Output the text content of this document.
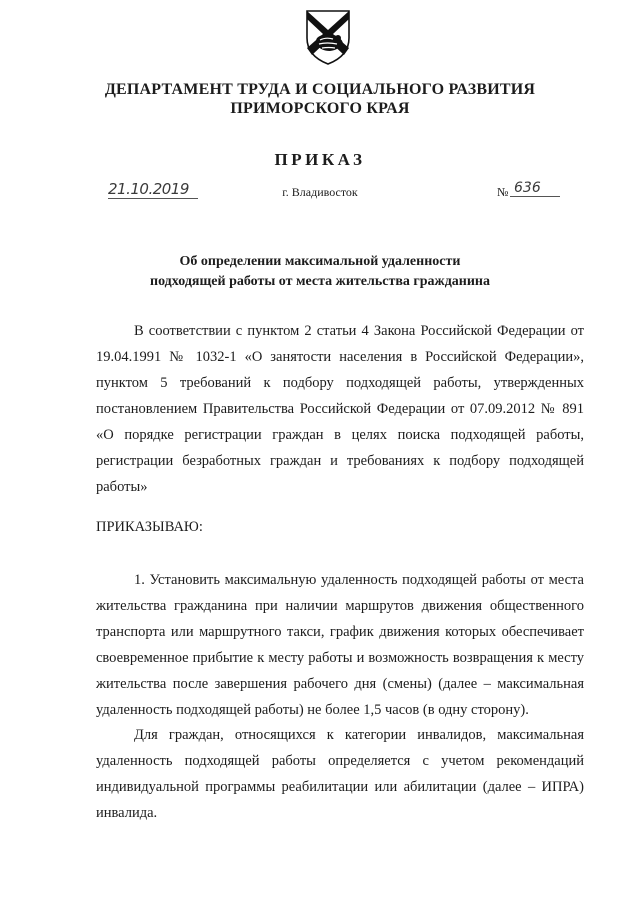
ДЕПАРТАМЕНТ ТРУДА И СОЦИАЛЬНОГО РАЗВИТИЯ
ПРИМОРСКОГО КРАЯ
ПРИКАЗ
21.10.2019	г. Владивосток	№ 636
Об определении максимальной удаленности
подходящей работы от места жительства гражданина

В соответствии с пунктом 2 статьи 4 Закона Российской Федерации от 19.04.1991 № 1032-1 «О занятости населения в Российской Федерации», пунктом 5 требований к подбору подходящей работы, утвержденных постановлением Правительства Российской Федерации от 07.09.2012 № 891 «О порядке регистрации граждан в целях поиска подходящей работы, регистрации безработных граждан и требованиях к подбору подходящей работы»

ПРИКАЗЫВАЮ:

1. Установить максимальную удаленность подходящей работы от места жительства гражданина при наличии маршрутов движения общественного транспорта или маршрутного такси, график движения которых обеспечивает своевременное прибытие к месту работы и возможность возвращения к месту жительства после завершения рабочего дня (смены) (далее – максимальная удаленность подходящей работы) не более 1,5 часов (в одну сторону).

Для граждан, относящихся к категории инвалидов, максимальная удаленность подходящей работы определяется с учетом рекомендаций индивидуальной программы реабилитации или абилитации (далее – ИПРА) инвалида.
